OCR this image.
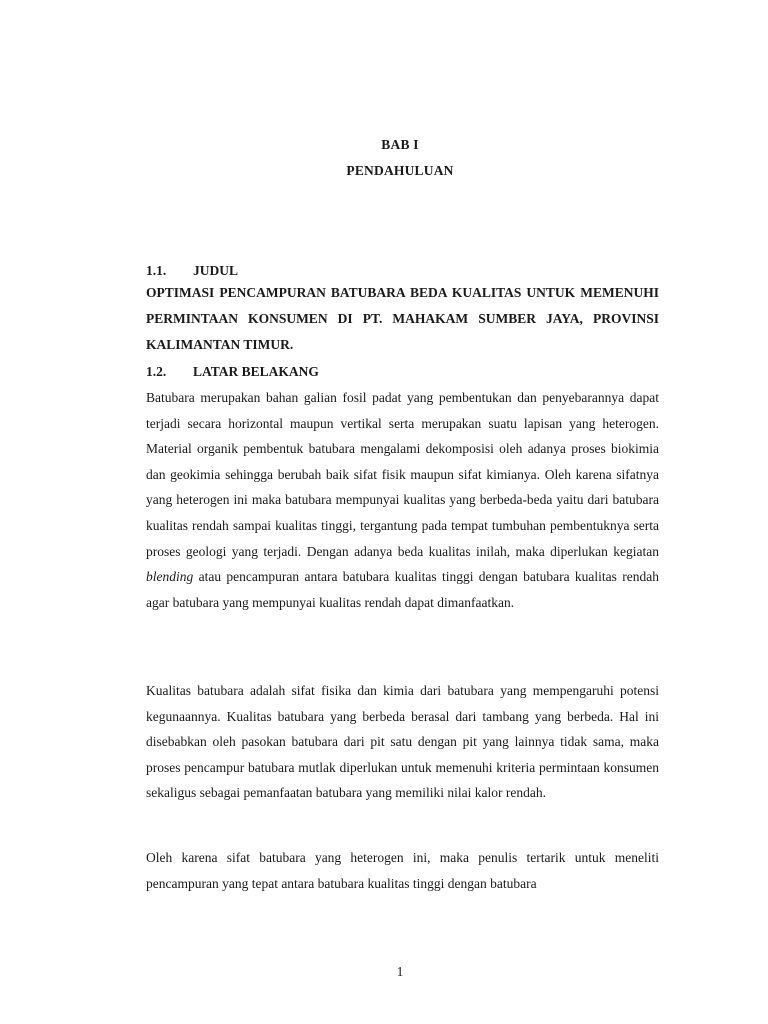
BAB I
PENDAHULUAN
1.1. JUDUL
OPTIMASI PENCAMPURAN BATUBARA BEDA KUALITAS UNTUK MEMENUHI PERMINTAAN KONSUMEN DI PT. MAHAKAM SUMBER JAYA, PROVINSI KALIMANTAN TIMUR.
1.2. LATAR BELAKANG
Batubara merupakan bahan galian fosil padat yang pembentukan dan penyebarannya dapat terjadi secara horizontal maupun vertikal serta merupakan suatu lapisan yang heterogen. Material organik pembentuk batubara mengalami dekomposisi oleh adanya proses biokimia dan geokimia sehingga berubah baik sifat fisik maupun sifat kimianya. Oleh karena sifatnya yang heterogen ini maka batubara mempunyai kualitas yang berbeda-beda yaitu dari batubara kualitas rendah sampai kualitas tinggi, tergantung pada tempat tumbuhan pembentuknya serta proses geologi yang terjadi. Dengan adanya beda kualitas inilah, maka diperlukan kegiatan blending atau pencampuran antara batubara kualitas tinggi dengan batubara kualitas rendah agar batubara yang mempunyai kualitas rendah dapat dimanfaatkan.
Kualitas batubara adalah sifat fisika dan kimia dari batubara yang mempengaruhi potensi kegunaannya. Kualitas batubara yang berbeda berasal dari tambang yang berbeda. Hal ini disebabkan oleh pasokan batubara dari pit satu dengan pit yang lainnya tidak sama, maka proses pencampur batubara mutlak diperlukan untuk memenuhi kriteria permintaan konsumen sekaligus sebagai pemanfaatan batubara yang memiliki nilai kalor rendah.
Oleh karena sifat batubara yang heterogen ini, maka penulis tertarik untuk meneliti pencampuran yang tepat antara batubara kualitas tinggi dengan batubara
1
